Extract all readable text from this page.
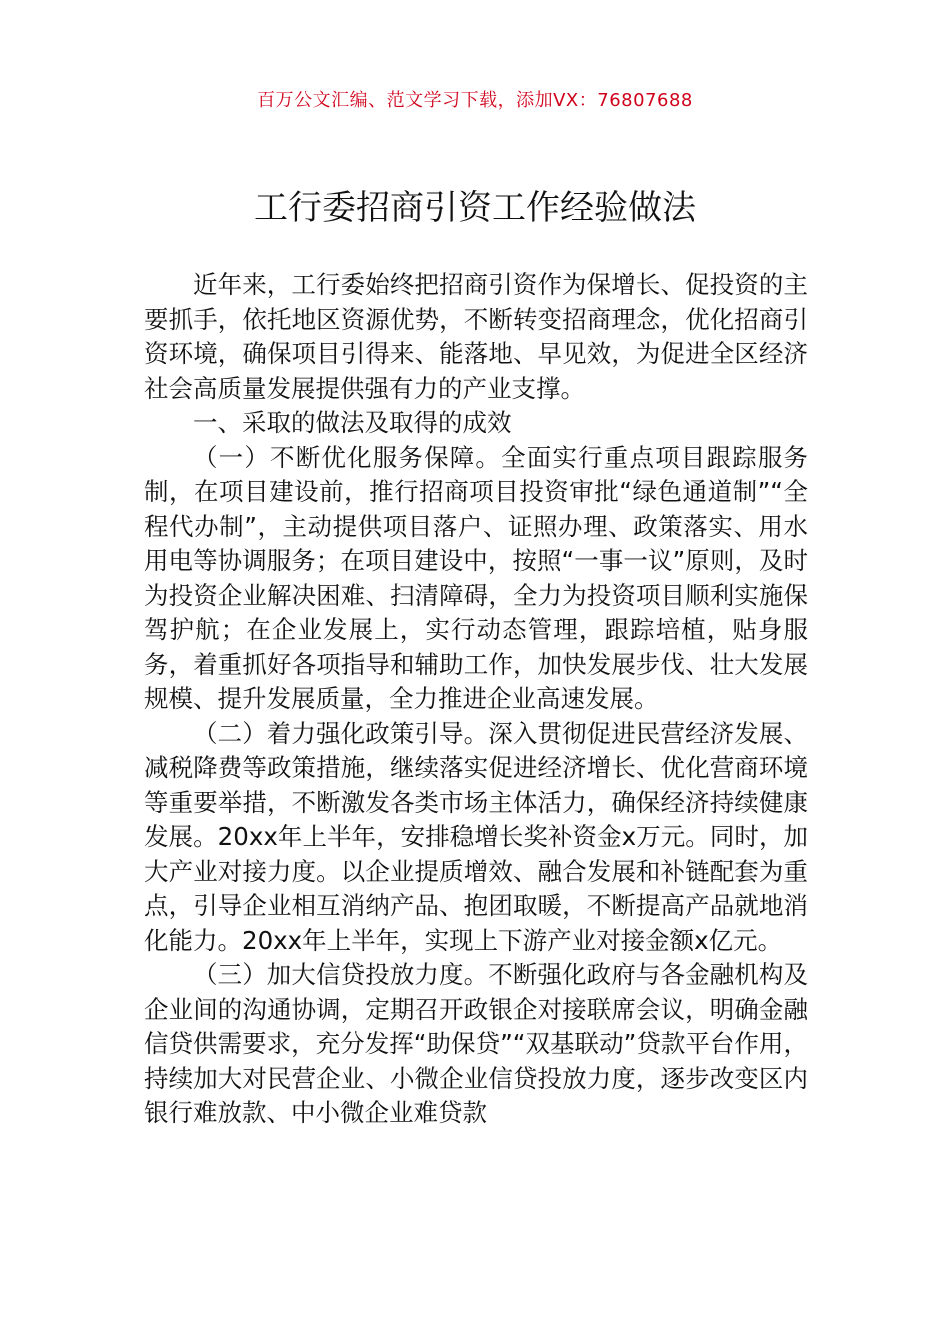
百万公文汇编、范文学习下载，添加VX：76807688
工行委招商引资工作经验做法

近年来，工行委始终把招商引资作为保增长、促投资的主要抓手，依托地区资源优势，不断转变招商理念，优化招商引资环境，确保项目引得来、能落地、早见效，为促进全区经济社会高质量发展提供强有力的产业支撑。

一、采取的做法及取得的成效

（一）不断优化服务保障。全面实行重点项目跟踪服务制，在项目建设前，推行招商项目投资审批“绿色通道制”“全程代办制”，主动提供项目落户、证照办理、政策落实、用水用电等协调服务；在项目建设中，按照“一事一议”原则，及时为投资企业解决困难、扫清障碍，全力为投资项目顺利实施保驾护航；在企业发展上，实行动态管理，跟踪培植，贴身服务，着重抓好各项指导和辅助工作，加快发展步伐、壮大发展规模、提升发展质量，全力推进企业高速发展。

（二）着力强化政策引导。深入贯彻促进民营经济发展、减税降费等政策措施，继续落实促进经济增长、优化营商环境等重要举措，不断激发各类市场主体活力，确保经济持续健康发展。20xx年上半年，安排稳增长奖补资金x万元。同时，加大产业对接力度。以企业提质增效、融合发展和补链配套为重点，引导企业相互消纳产品、抱团取暖，不断提高产品就地消化能力。20xx年上半年，实现上下游产业对接金额x亿元。

（三）加大信贷投放力度。不断强化政府与各金融机构及企业间的沟通协调，定期召开政银企对接联席会议，明确金融信贷供需要求，充分发挥“助保贷”“双基联动”贷款平台作用，持续加大对民营企业、小微企业信贷投放力度，逐步改变区内银行难放款、中小微企业难贷款
